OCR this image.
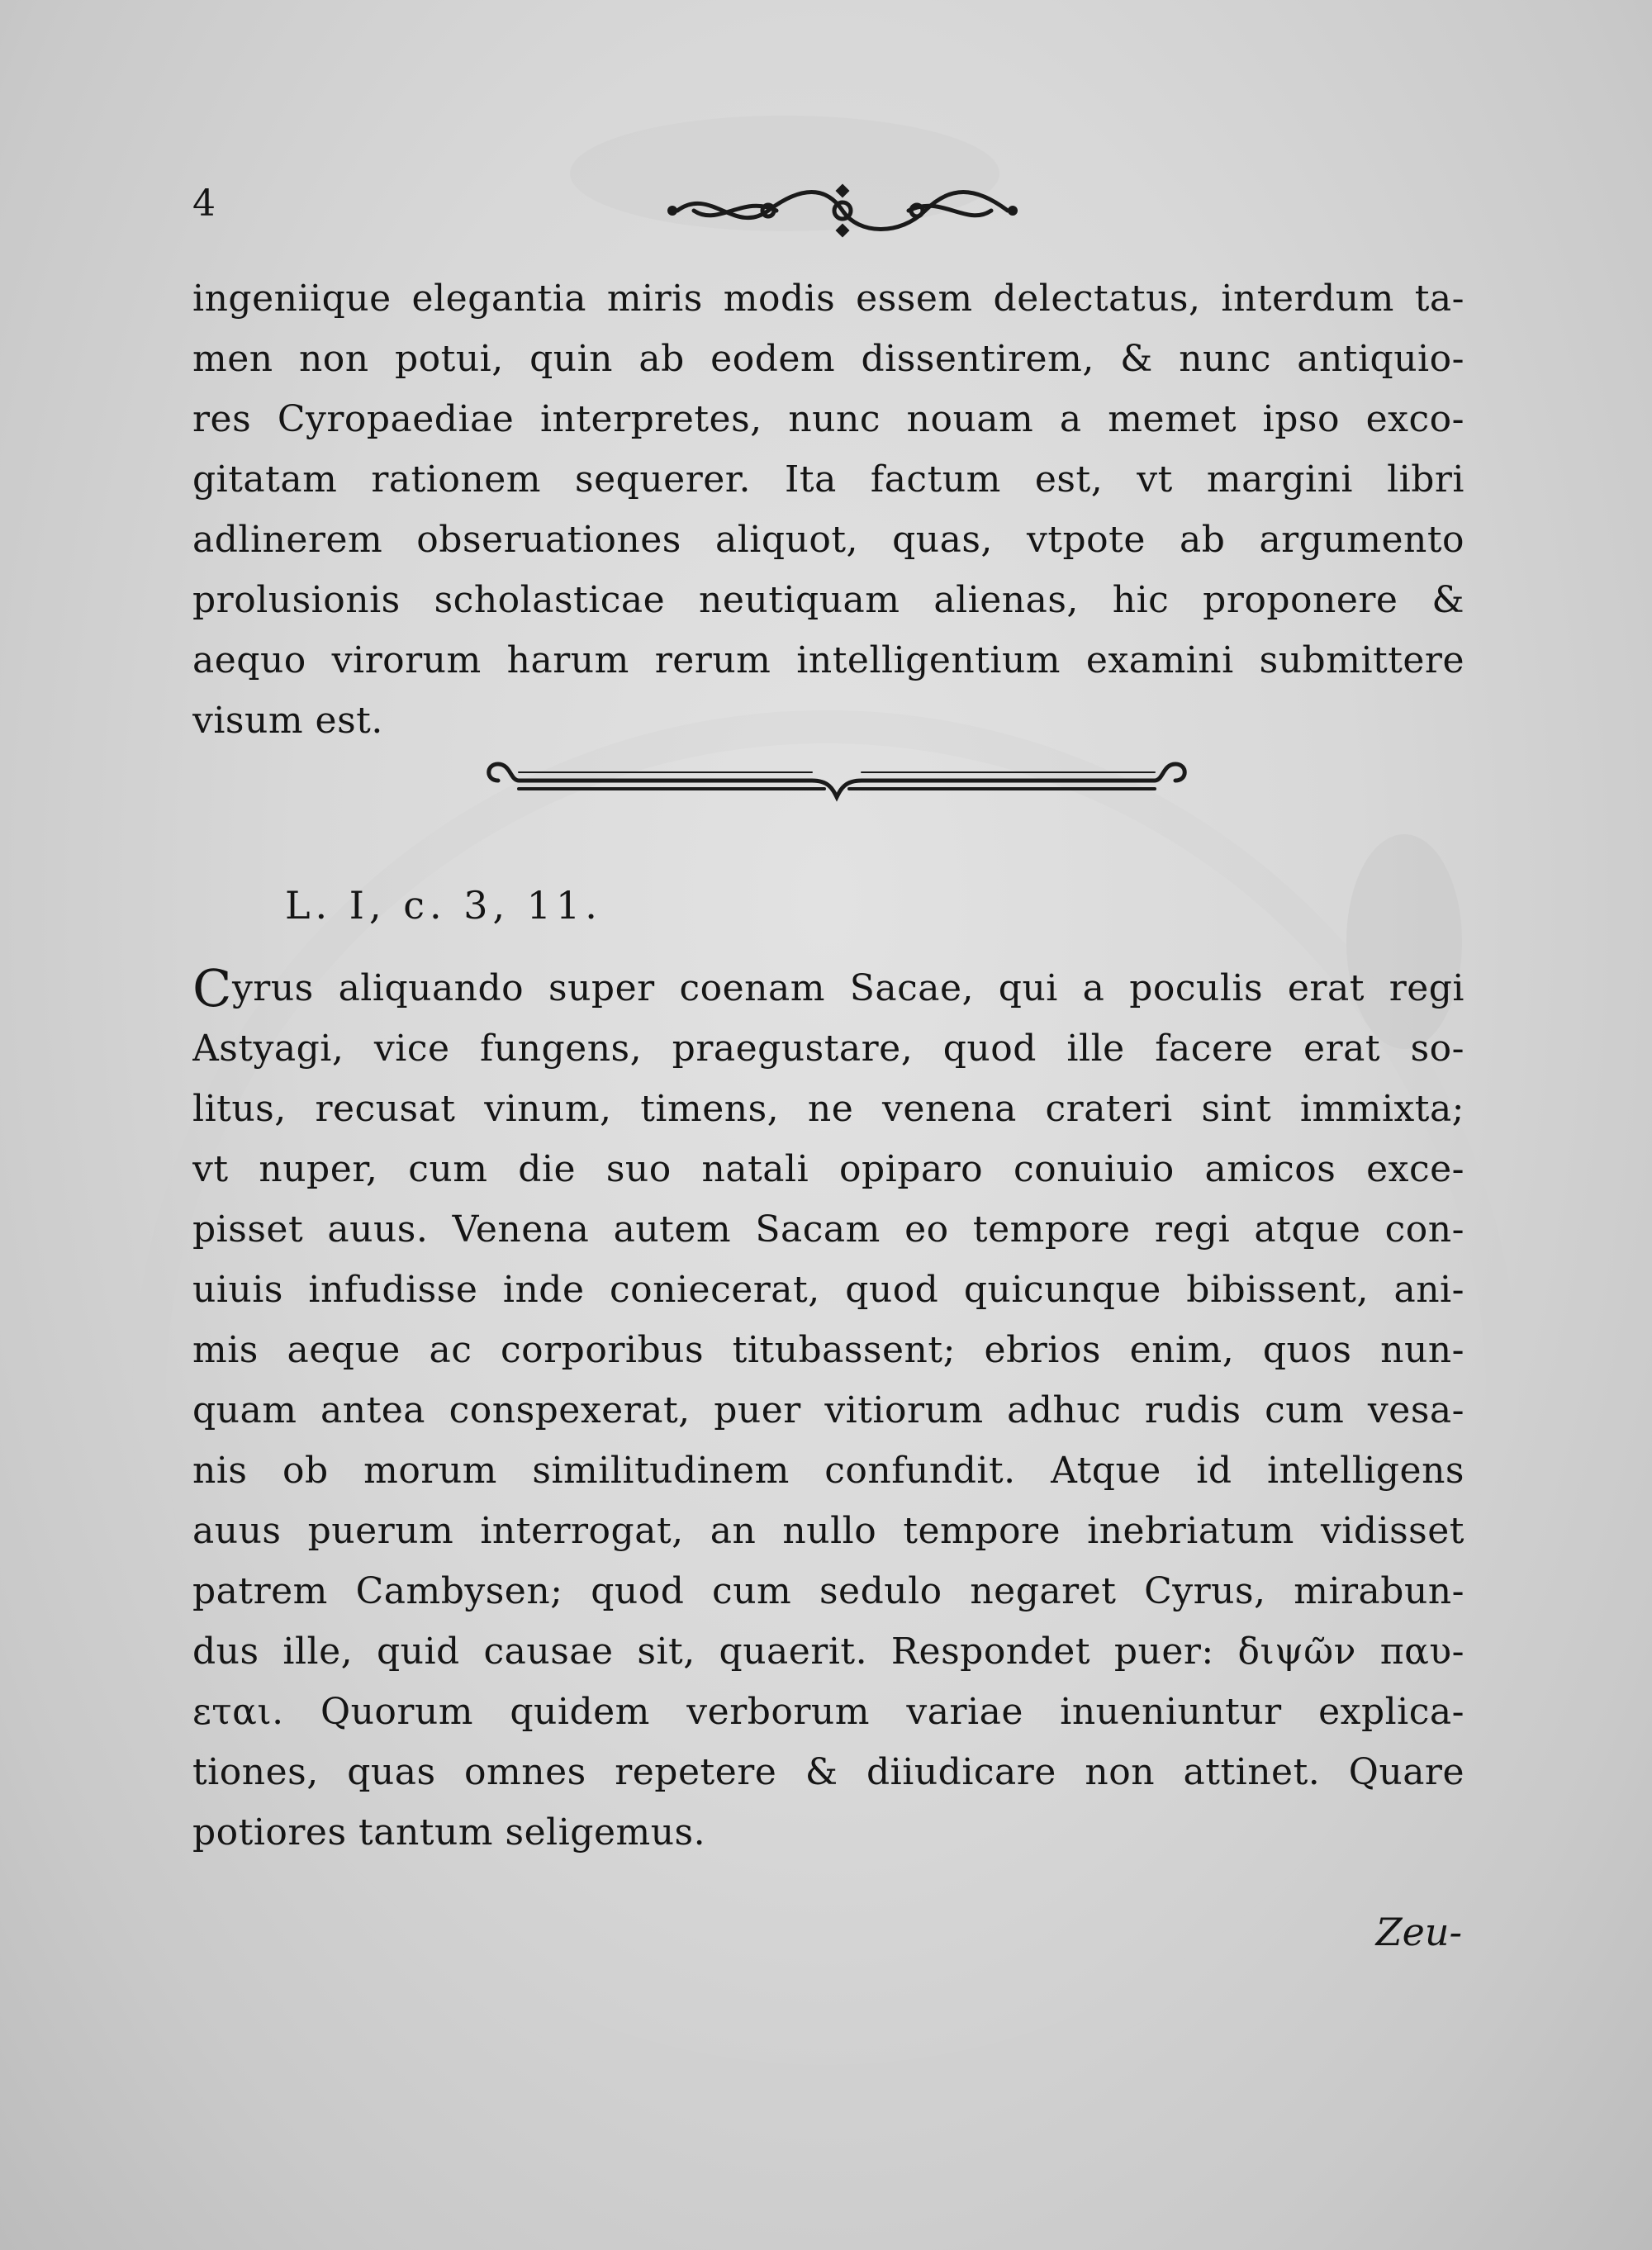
4
ingeniique elegantia miris modis essem delectatus, interdum ta-
men non potui, quin ab eodem dissentirem, & nunc antiquio-
res Cyropaediae interpretes, nunc nouam a memet ipso exco-
gitatam rationem sequerer. Ita factum est, vt margini libri
adlinerem obseruationes aliquot, quas, vtpote ab argumento
prolusionis scholasticae neutiquam alienas, hic proponere &
aequo virorum harum rerum intelligentium examini submittere
visum est.
L. I, c. 3, 11.
Cyrus aliquando super coenam Sacae, qui a poculis erat regi
Astyagi, vice fungens, praegustare, quod ille facere erat so-
litus, recusat vinum, timens, ne venena crateri sint immixta;
vt nuper, cum die suo natali opiparo conuiuio amicos exce-
pisset auus. Venena autem Sacam eo tempore regi atque con-
uiuis infudisse inde coniecerat, quod quicunque bibissent, ani-
mis aeque ac corporibus titubassent; ebrios enim, quos nun-
quam antea conspexerat, puer vitiorum adhuc rudis cum vesa-
nis ob morum similitudinem confundit. Atque id intelligens
auus puerum interrogat, an nullo tempore inebriatum vidisset
patrem Cambysen; quod cum sedulo negaret Cyrus, mirabun-
dus ille, quid causae sit, quaerit. Respondet puer: διψῶν παυ-
εται. Quorum quidem verborum variae inueniuntur explica-
tiones, quas omnes repetere & diiudicare non attinet. Quare
potiores tantum seligemus.
Zeu-
